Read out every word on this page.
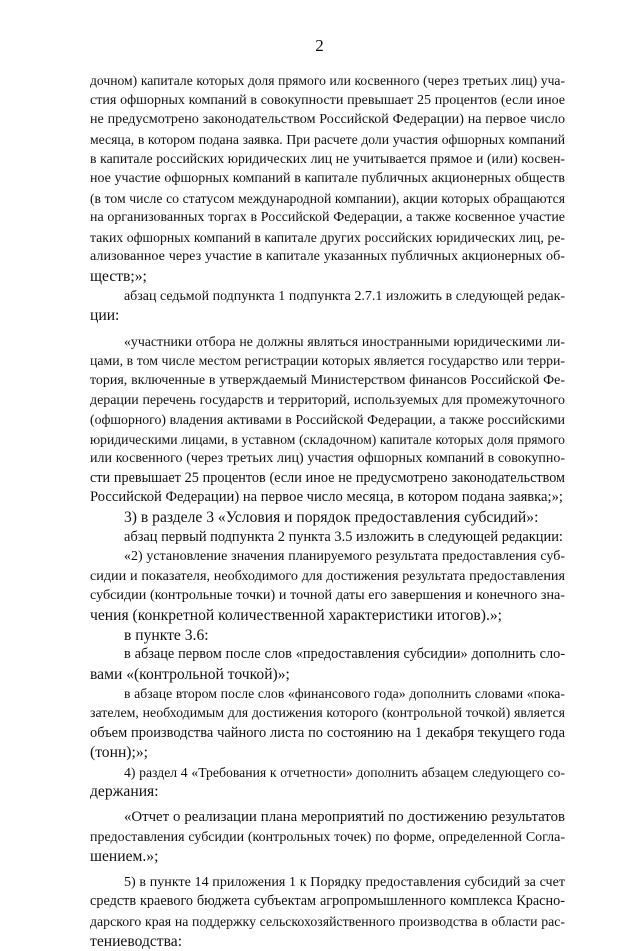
2
дочном) капитале которых доля прямого или косвенного (через третьих лиц) уча-
стия офшорных компаний в совокупности превышает 25 процентов (если иное
не предусмотрено законодательством Российской Федерации) на первое число
месяца, в котором подана заявка. При расчете доли участия офшорных компаний
в капитале российских юридических лиц не учитывается прямое и (или) косвен-
ное участие офшорных компаний в капитале публичных акционерных обществ
(в том числе со статусом международной компании), акции которых обращаются
на организованных торгах в Российской Федерации, а также косвенное участие
таких офшорных компаний в капитале других российских юридических лиц, ре-
ализованное через участие в капитале указанных публичных акционерных об-
ществ;»;
абзац седьмой подпункта 1 подпункта 2.7.1 изложить в следующей редак-
ции:
«участники отбора не должны являться иностранными юридическими ли-
цами, в том числе местом регистрации которых является государство или терри-
тория, включенные в утверждаемый Министерством финансов Российской Фе-
дерации перечень государств и территорий, используемых для промежуточного
(офшорного) владения активами в Российской Федерации, а также российскими
юридическими лицами, в уставном (складочном) капитале которых доля прямого
или косвенного (через третьих лиц) участия офшорных компаний в совокупно-
сти превышает 25 процентов (если иное не предусмотрено законодательством
Российской Федерации) на первое число месяца, в котором подана заявка;»;
3) в разделе 3 «Условия и порядок предоставления субсидий»:
абзац первый подпункта 2 пункта 3.5 изложить в следующей редакции:
«2) установление значения планируемого результата предоставления суб-
сидии и показателя, необходимого для достижения результата предоставления
субсидии (контрольные точки) и точной даты его завершения и конечного зна-
чения (конкретной количественной характеристики итогов).»;
в пункте 3.6:
в абзаце первом после слов «предоставления субсидии» дополнить сло-
вами «(контрольной точкой)»;
в абзаце втором после слов «финансового года» дополнить словами «пока-
зателем, необходимым для достижения которого (контрольной точкой) является
объем производства чайного листа по состоянию на 1 декабря текущего года
(тонн);»;
4) раздел 4 «Требования к отчетности» дополнить абзацем следующего со-
держания:
«Отчет о реализации плана мероприятий по достижению результатов
предоставления субсидии (контрольных точек) по форме, определенной Согла-
шением.»;
5) в пункте 14 приложения 1 к Порядку предоставления субсидий за счет
средств краевого бюджета субъектам агропромышленного комплекса Красно-
дарского края на поддержку сельскохозяйственного производства в области рас-
тениеводства:
